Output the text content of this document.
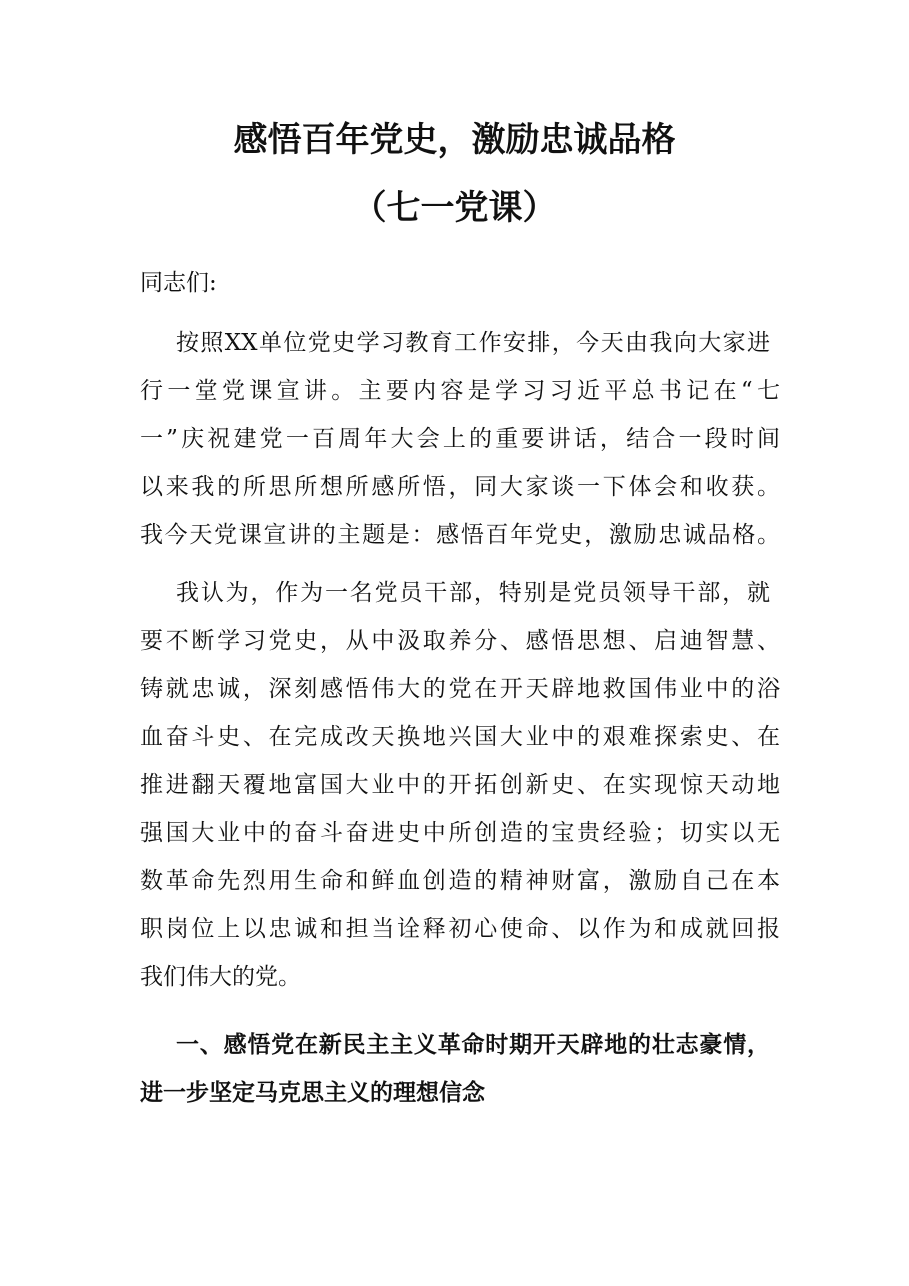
感悟百年党史，激励忠诚品格
（七一党课）
同志们:
按照XX单位党史学习教育工作安排，今天由我向大家进
行一堂党课宣讲。主要内容是学习习近平总书记在“七
一”庆祝建党一百周年大会上的重要讲话，结合一段时间
以来我的所思所想所感所悟，同大家谈一下体会和收获。
我今天党课宣讲的主题是：感悟百年党史，激励忠诚品格。
我认为，作为一名党员干部，特别是党员领导干部，就
要不断学习党史，从中汲取养分、感悟思想、启迪智慧、
铸就忠诚，深刻感悟伟大的党在开天辟地救国伟业中的浴
血奋斗史、在完成改天换地兴国大业中的艰难探索史、在
推进翻天覆地富国大业中的开拓创新史、在实现惊天动地
强国大业中的奋斗奋进史中所创造的宝贵经验；切实以无
数革命先烈用生命和鲜血创造的精神财富，激励自己在本
职岗位上以忠诚和担当诠释初心使命、以作为和成就回报
我们伟大的党。
一、感悟党在新民主主义革命时期开天辟地的壮志豪情，
进一步坚定马克思主义的理想信念
